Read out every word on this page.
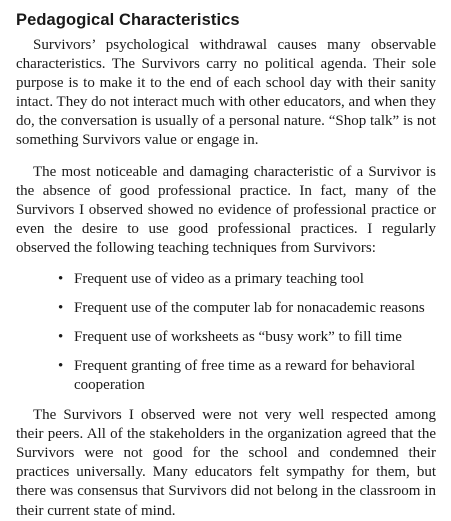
Pedagogical Characteristics

Survivors’ psychological withdrawal causes many observable characteristics. The Survivors carry no political agenda. Their sole purpose is to make it to the end of each school day with their sanity intact. They do not interact much with other educators, and when they do, the conversation is usually of a personal nature. “Shop talk” is not something Survivors value or engage in.

The most noticeable and damaging characteristic of a Survivor is the absence of good professional practice. In fact, many of the Survivors I observed showed no evidence of professional practice or even the desire to use good professional practices. I regularly observed the following teaching techniques from Survivors:

• Frequent use of video as a primary teaching tool
• Frequent use of the computer lab for nonacademic reasons
• Frequent use of worksheets as “busy work” to fill time
• Frequent granting of free time as a reward for behavioral cooperation

The Survivors I observed were not very well respected among their peers. All of the stakeholders in the organization agreed that the Survivors were not good for the school and condemned their practices universally. Many educators felt sympathy for them, but there was consensus that Survivors did not belong in the classroom in their current state of mind.
